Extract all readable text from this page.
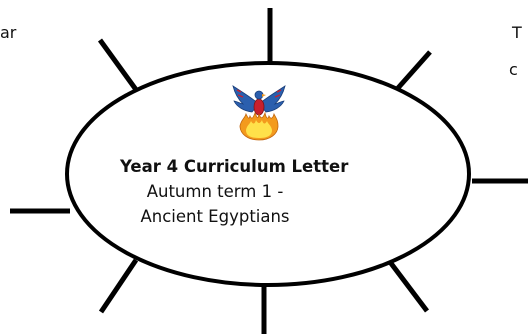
ar	T
c
Year 4 Curriculum Letter
Autumn term 1 -
Ancient Egyptians
